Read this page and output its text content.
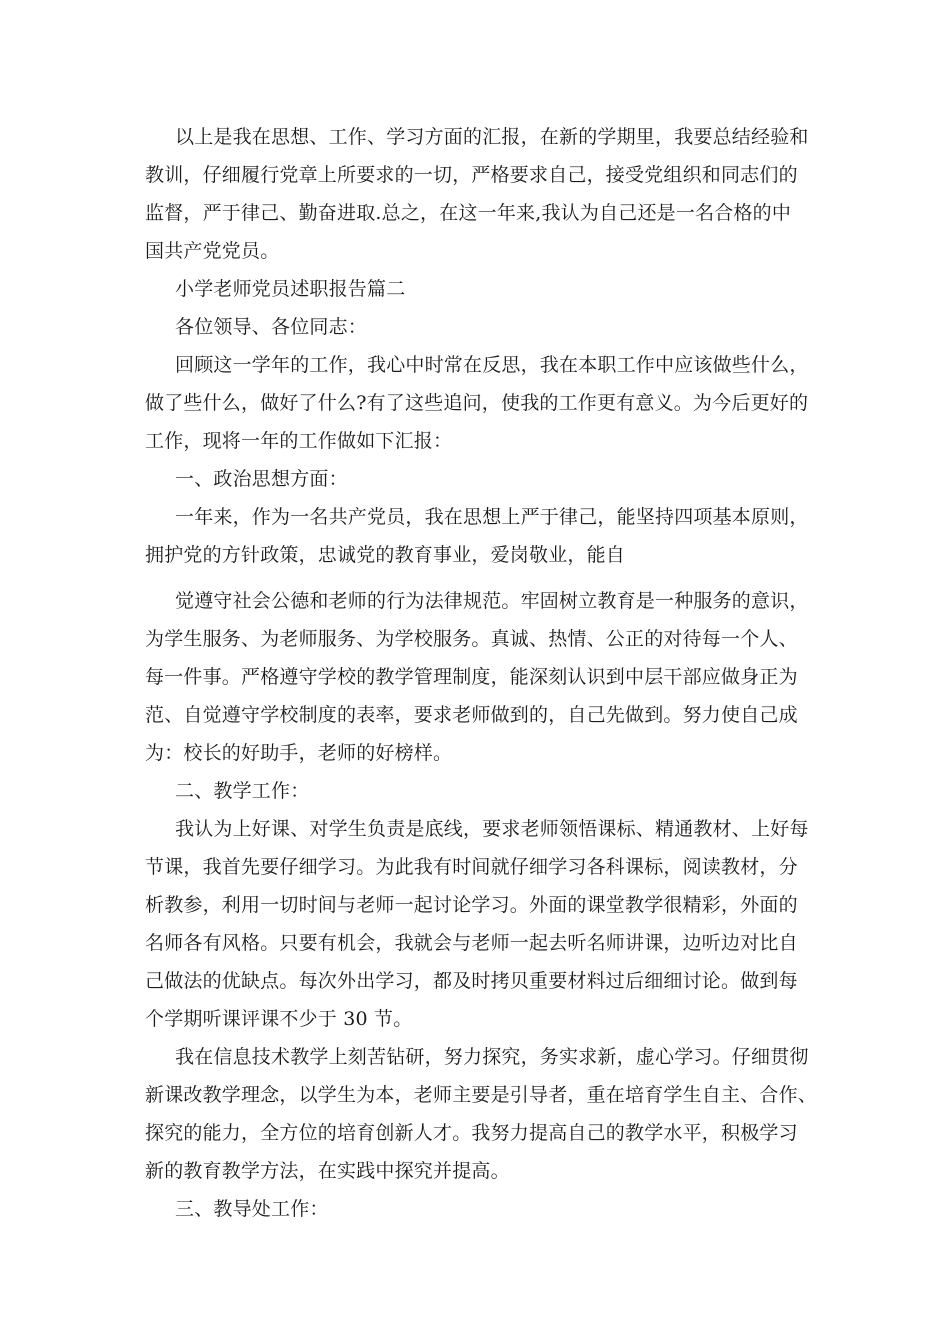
以上是我在思想、工作、学习方面的汇报，在新的学期里，我要总结经验和
教训，仔细履行党章上所要求的一切，严格要求自己，接受党组织和同志们的
监督，严于律己、勤奋进取.总之，在这一年来,我认为自己还是一名合格的中
国共产党党员。
小学老师党员述职报告篇二
各位领导、各位同志：
回顾这一学年的工作，我心中时常在反思，我在本职工作中应该做些什么，
做了些什么，做好了什么?有了这些追问，使我的工作更有意义。为今后更好的
工作，现将一年的工作做如下汇报：
一、政治思想方面：
一年来，作为一名共产党员，我在思想上严于律己，能坚持四项基本原则，
拥护党的方针政策，忠诚党的教育事业，爱岗敬业，能自
觉遵守社会公德和老师的行为法律规范。牢固树立教育是一种服务的意识，
为学生服务、为老师服务、为学校服务。真诚、热情、公正的对待每一个人、
每一件事。严格遵守学校的教学管理制度，能深刻认识到中层干部应做身正为
范、自觉遵守学校制度的表率，要求老师做到的，自己先做到。努力使自己成
为：校长的好助手，老师的好榜样。
二、教学工作：
我认为上好课、对学生负责是底线，要求老师领悟课标、精通教材、上好每
节课，我首先要仔细学习。为此我有时间就仔细学习各科课标，阅读教材，分
析教参，利用一切时间与老师一起讨论学习。外面的课堂教学很精彩，外面的
名师各有风格。只要有机会，我就会与老师一起去听名师讲课，边听边对比自
己做法的优缺点。每次外出学习，都及时拷贝重要材料过后细细讨论。做到每
个学期听课评课不少于 30 节。
我在信息技术教学上刻苦钻研，努力探究，务实求新，虚心学习。仔细贯彻
新课改教学理念，以学生为本，老师主要是引导者，重在培育学生自主、合作、
探究的能力，全方位的培育创新人才。我努力提高自己的教学水平，积极学习
新的教育教学方法，在实践中探究并提高。
三、教导处工作：
